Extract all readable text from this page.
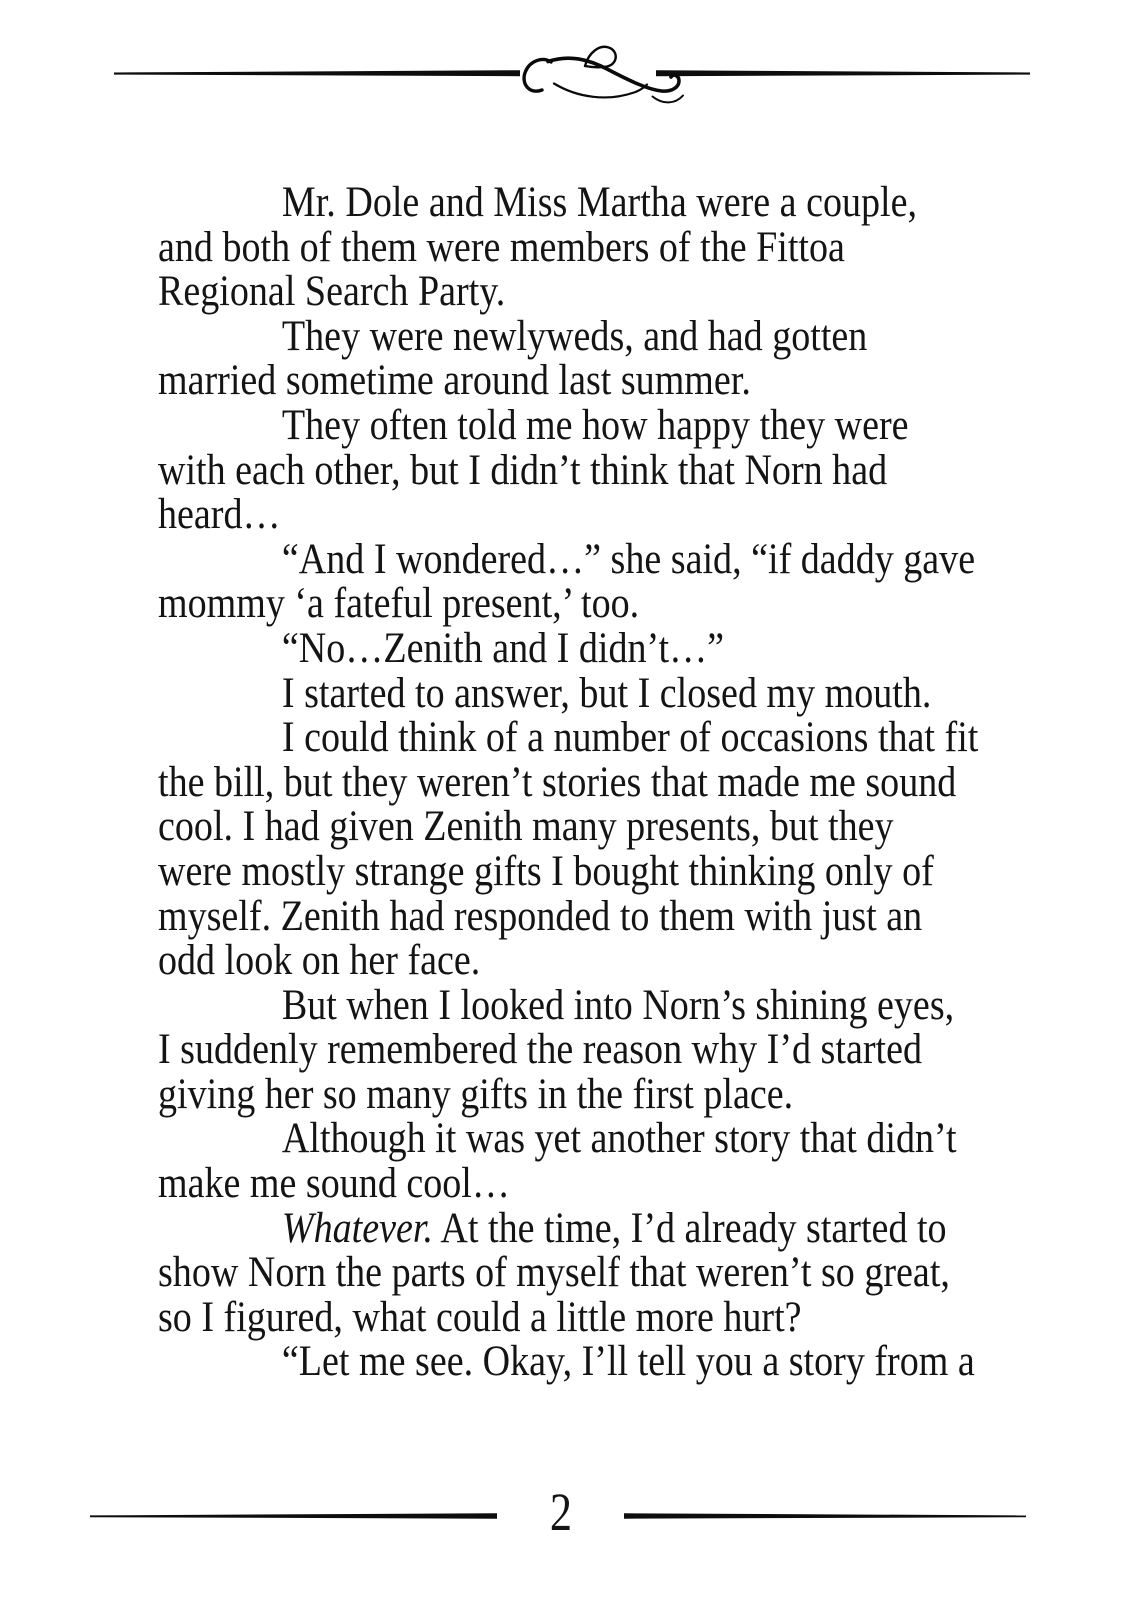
Mr. Dole and Miss Martha were a couple,
and both of them were members of the Fittoa
Regional Search Party.
They were newlyweds, and had gotten
married sometime around last summer.
They often told me how happy they were
with each other, but I didn’t think that Norn had
heard…
“And I wondered…” she said, “if daddy gave
mommy ‘a fateful present,’ too.
“No…Zenith and I didn’t…”
I started to answer, but I closed my mouth.
I could think of a number of occasions that fit
the bill, but they weren’t stories that made me sound
cool. I had given Zenith many presents, but they
were mostly strange gifts I bought thinking only of
myself. Zenith had responded to them with just an
odd look on her face.
But when I looked into Norn’s shining eyes,
I suddenly remembered the reason why I’d started
giving her so many gifts in the first place.
Although it was yet another story that didn’t
make me sound cool…
Whatever. At the time, I’d already started to
show Norn the parts of myself that weren’t so great,
so I figured, what could a little more hurt?
“Let me see. Okay, I’ll tell you a story from a
2
